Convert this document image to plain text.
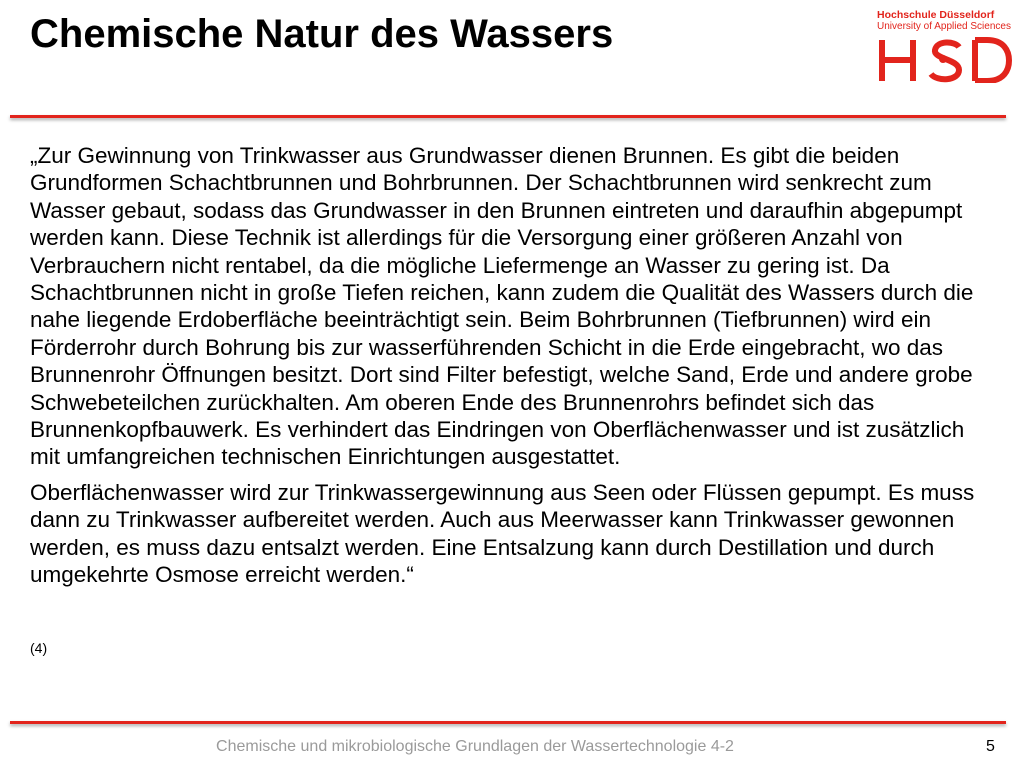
Chemische Natur des Wassers	Hochschule Düsseldorf
University of Applied Sciences

„Zur Gewinnung von Trinkwasser aus Grundwasser dienen Brunnen. Es gibt die beiden Grundformen Schachtbrunnen und Bohrbrunnen. Der Schachtbrunnen wird senkrecht zum Wasser gebaut, sodass das Grundwasser in den Brunnen eintreten und daraufhin abgepumpt werden kann. Diese Technik ist allerdings für die Versorgung einer größeren Anzahl von Verbrauchern nicht rentabel, da die mögliche Liefermenge an Wasser zu gering ist. Da Schachtbrunnen nicht in große Tiefen reichen, kann zudem die Qualität des Wassers durch die nahe liegende Erdoberfläche beeinträchtigt sein. Beim Bohrbrunnen (Tiefbrunnen) wird ein Förderrohr durch Bohrung bis zur wasserführenden Schicht in die Erde eingebracht, wo das Brunnenrohr Öffnungen besitzt. Dort sind Filter befestigt, welche Sand, Erde und andere grobe Schwebeteilchen zurückhalten. Am oberen Ende des Brunnenrohrs befindet sich das Brunnenkopfbauwerk. Es verhindert das Eindringen von Oberflächenwasser und ist zusätzlich mit umfangreichen technischen Einrichtungen ausgestattet.

Oberflächenwasser wird zur Trinkwassergewinnung aus Seen oder Flüssen gepumpt. Es muss dann zu Trinkwasser aufbereitet werden. Auch aus Meerwasser kann Trinkwasser gewonnen werden, es muss dazu entsalzt werden. Eine Entsalzung kann durch Destillation und durch umgekehrte Osmose erreicht werden.“

(4)
Chemische und mikrobiologische Grundlagen der Wassertechnologie 4-2	5
